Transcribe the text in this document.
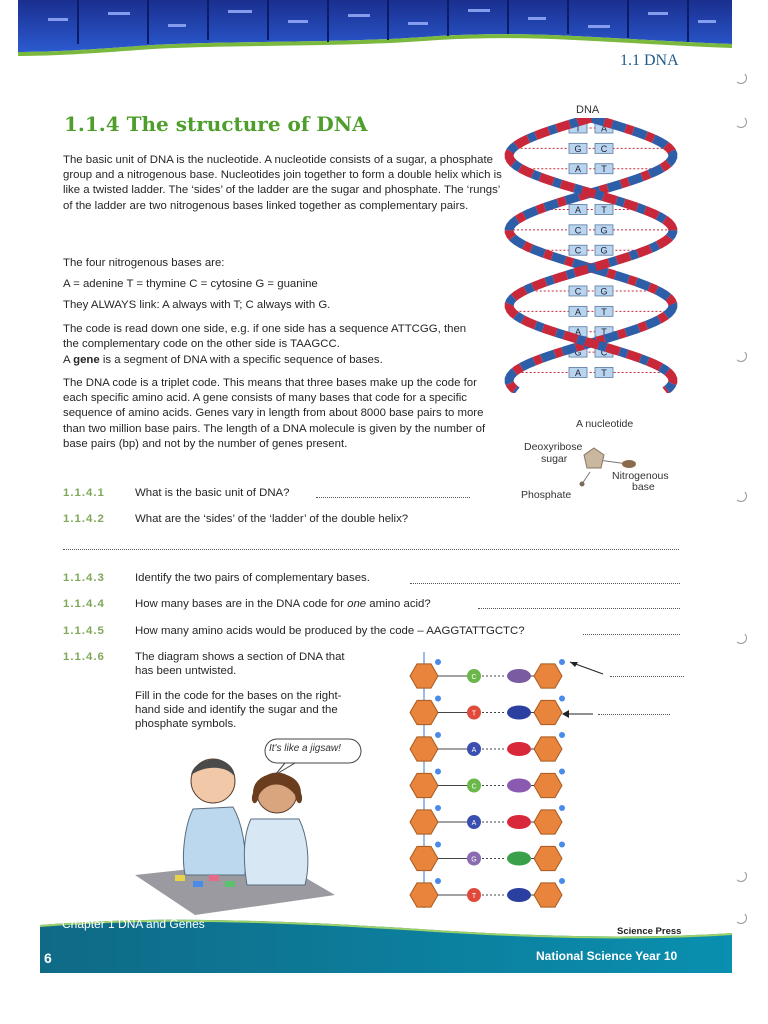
1.1 DNA
1.1.4 The structure of DNA

The basic unit of DNA is the nucleotide. A nucleotide consists of a sugar, a phosphate group and a nitrogenous base. Nucleotides join together to form a double helix which is like a twisted ladder. The ‘sides’ of the ladder are the sugar and phosphate. The ‘rungs’ of the ladder are two nitrogenous bases linked together as complementary pairs.

The four nitrogenous bases are:
A = adenine T = thymine C = cytosine G = guanine
They ALWAYS link: A always with T; C always with G.
The code is read down one side, e.g. if one side has a sequence ATTCGG, then the complementary code on the other side is TAAGCC.
A gene is a segment of DNA with a specific sequence of bases.
The DNA code is a triplet code. This means that three bases make up the code for each specific amino acid. A gene consists of many bases that code for a specific sequence of amino acids. Genes vary in length from about 8000 base pairs to more than two million base pairs. The length of a DNA molecule is given by the number of base pairs (bp) and not by the number of genes present.
DNA
T A
G C
A T
A T
C G
C G
C G
A T
A T
G C
A T
A nucleotide
Deoxyribose
sugar
Phosphate
Nitrogenous
base
1.1.4.1	What is the basic unit of DNA?
1.1.4.2	What are the ‘sides’ of the ‘ladder’ of the double helix?
1.1.4.3	Identify the two pairs of complementary bases.
1.1.4.4	How many bases are in the DNA code for one amino acid?
1.1.4.5	How many amino acids would be produced by the code – AAGGTATTGCTC?
1.1.4.6	The diagram shows a section of DNA that
has been untwisted.
Fill in the code for the bases on the right-
hand side and identify the sugar and the
phosphate symbols.
C
T
A
C
A
G
T
It's like a jigsaw!
Chapter 1 DNA and Genes
6
Science Press
National Science Year 10
